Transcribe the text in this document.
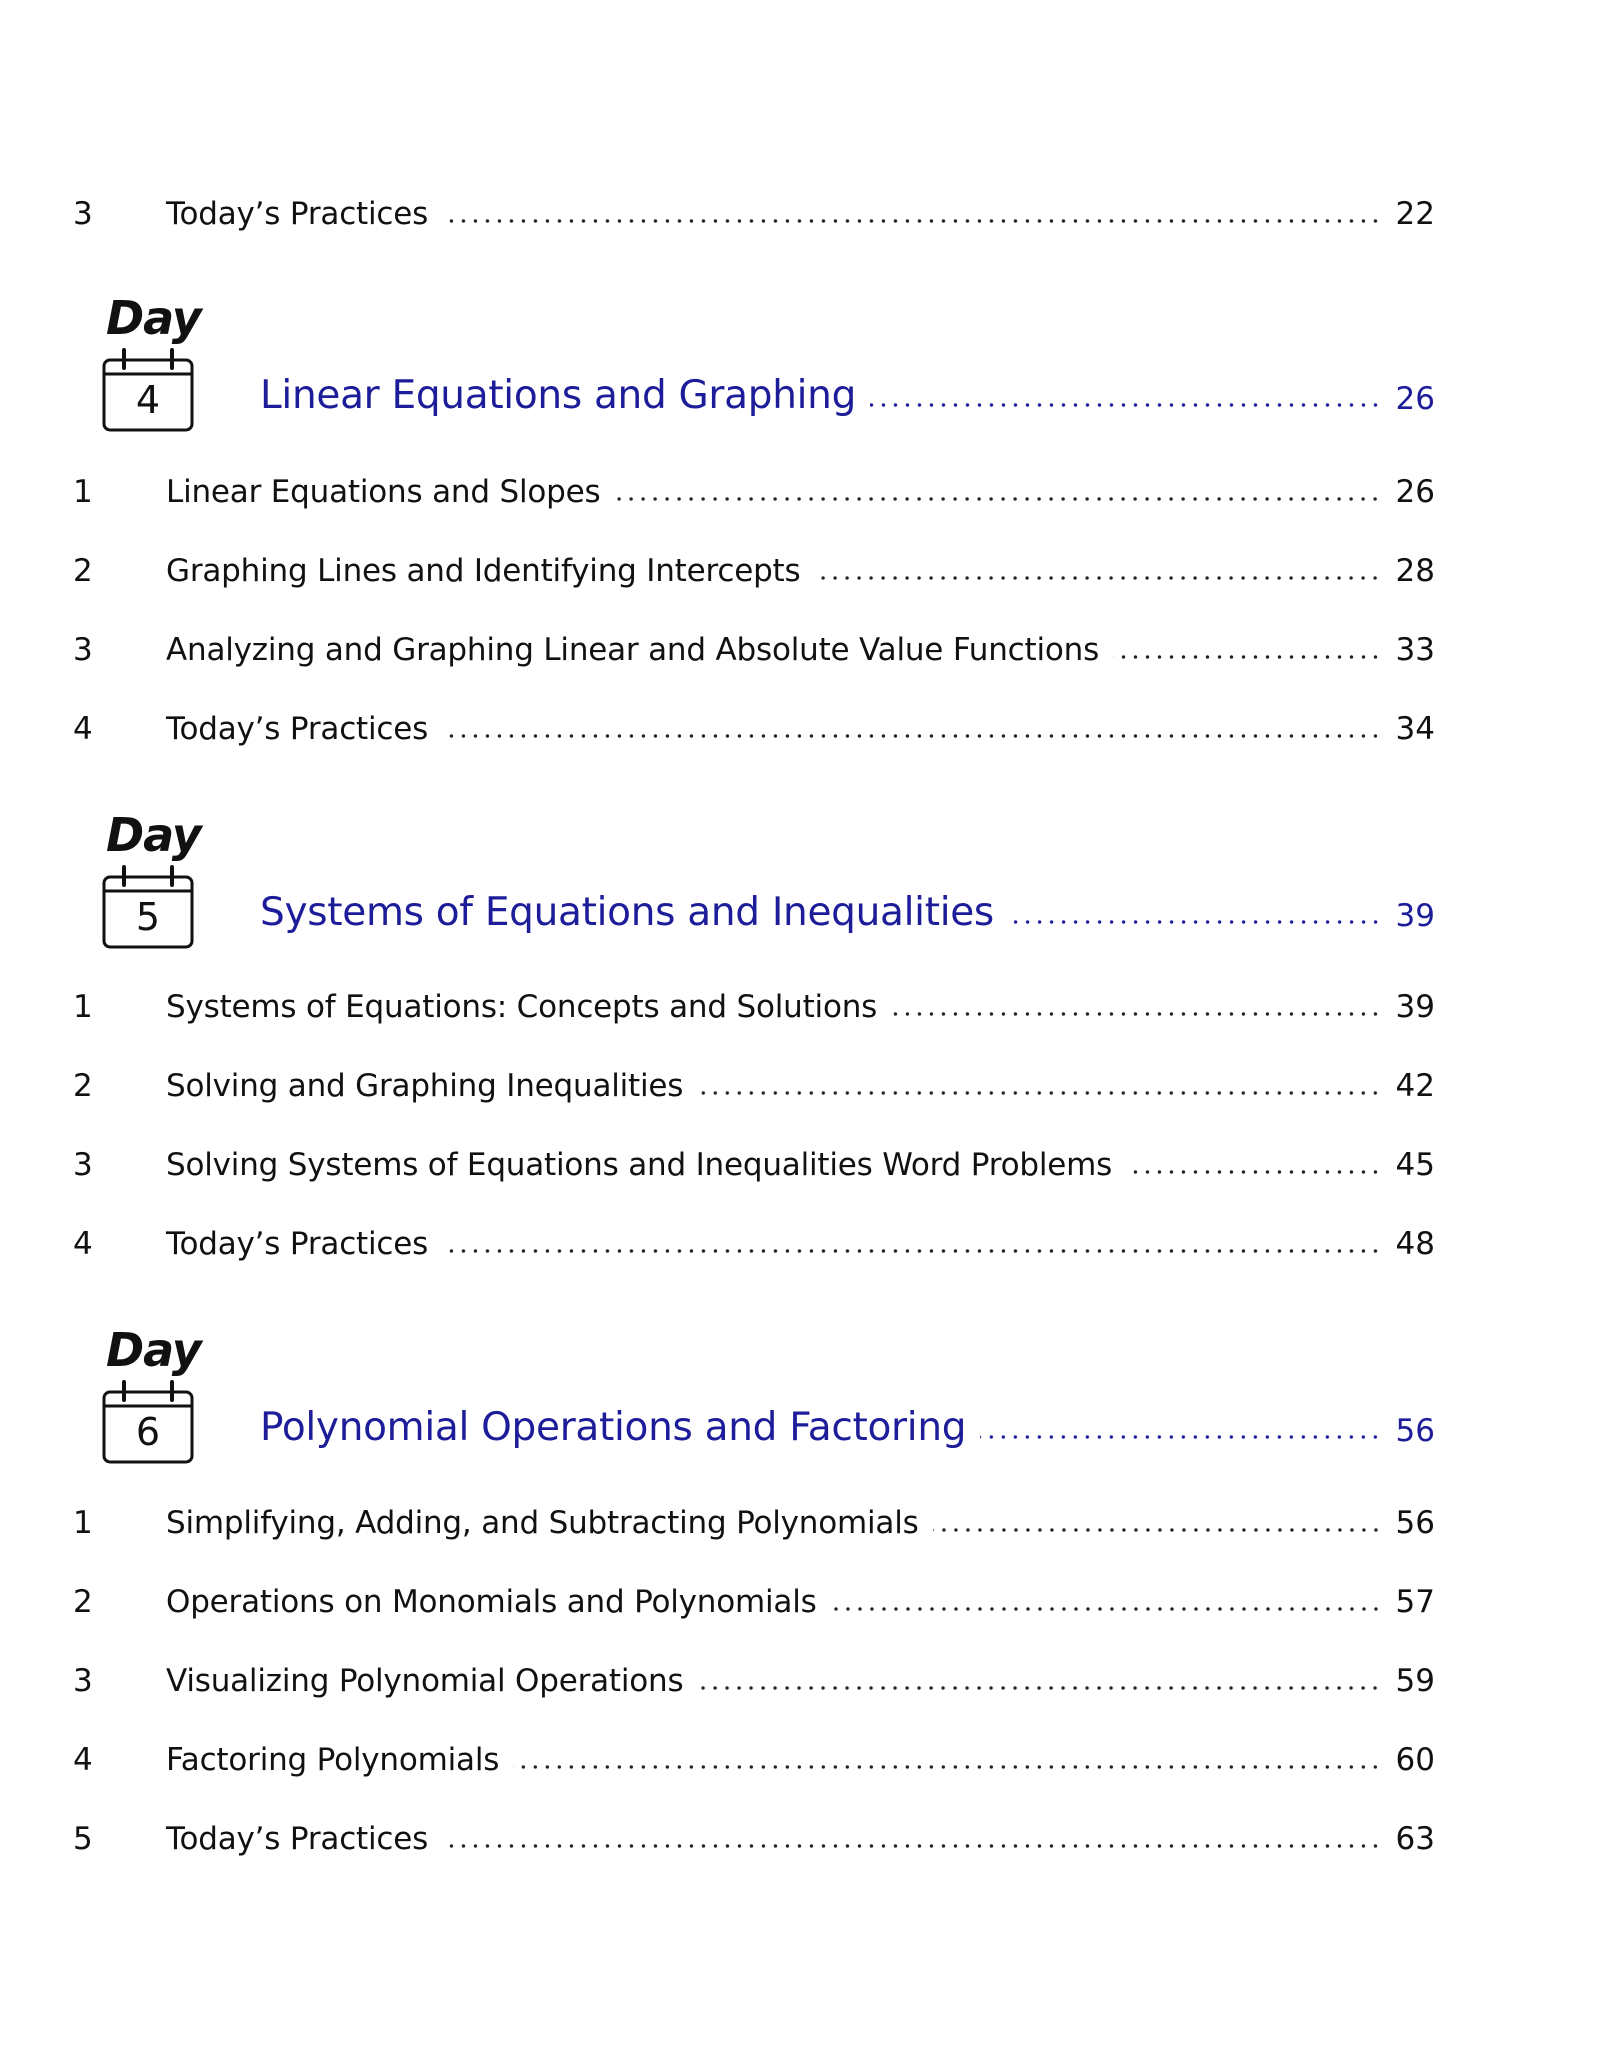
3 Today’s Practices	22
Day
4	Linear Equations and Graphing	26
1 Linear Equations and Slopes	26
2 Graphing Lines and Identifying Intercepts	28
3 Analyzing and Graphing Linear and Absolute Value Functions	33
4 Today’s Practices	34
Day
5	Systems of Equations and Inequalities	39
1 Systems of Equations: Concepts and Solutions	39
2 Solving and Graphing Inequalities	42
3 Solving Systems of Equations and Inequalities Word Problems	45
4 Today’s Practices	48
Day
6	Polynomial Operations and Factoring	56
1 Simplifying, Adding, and Subtracting Polynomials	56
2 Operations on Monomials and Polynomials	57
3 Visualizing Polynomial Operations	59
4 Factoring Polynomials	60
5 Today’s Practices	63
